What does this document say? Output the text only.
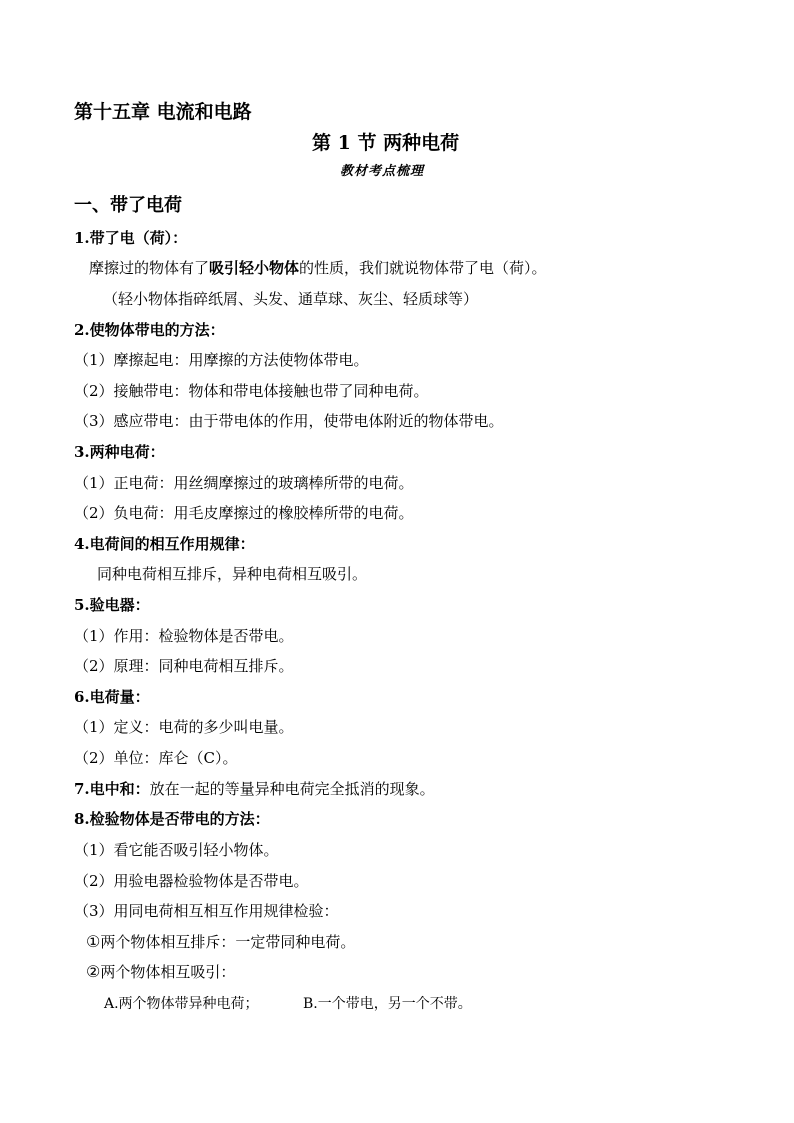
第十五章 电流和电路
第 1 节 两种电荷
教材考点梳理
一、带了电荷
1.带了电（荷）：
摩擦过的物体有了吸引轻小物体的性质，我们就说物体带了电（荷）。
（轻小物体指碎纸屑、头发、通草球、灰尘、轻质球等）
2.使物体带电的方法：
（1）摩擦起电：用摩擦的方法使物体带电。
（2）接触带电：物体和带电体接触也带了同种电荷。
（3）感应带电：由于带电体的作用，使带电体附近的物体带电。
3.两种电荷：
（1）正电荷：用丝绸摩擦过的玻璃棒所带的电荷。
（2）负电荷：用毛皮摩擦过的橡胶棒所带的电荷。
4.电荷间的相互作用规律：
同种电荷相互排斥，异种电荷相互吸引。
5.验电器：
（1）作用：检验物体是否带电。
（2）原理：同种电荷相互排斥。
6.电荷量：
（1）定义：电荷的多少叫电量。
（2）单位：库仑（C）。
7.电中和：放在一起的等量异种电荷完全抵消的现象。
8.检验物体是否带电的方法：
（1）看它能否吸引轻小物体。
（2）用验电器检验物体是否带电。
（3）用同电荷相互相互作用规律检验：
①两个物体相互排斥：一定带同种电荷。
②两个物体相互吸引：
A.两个物体带异种电荷；	B.一个带电，另一个不带。
